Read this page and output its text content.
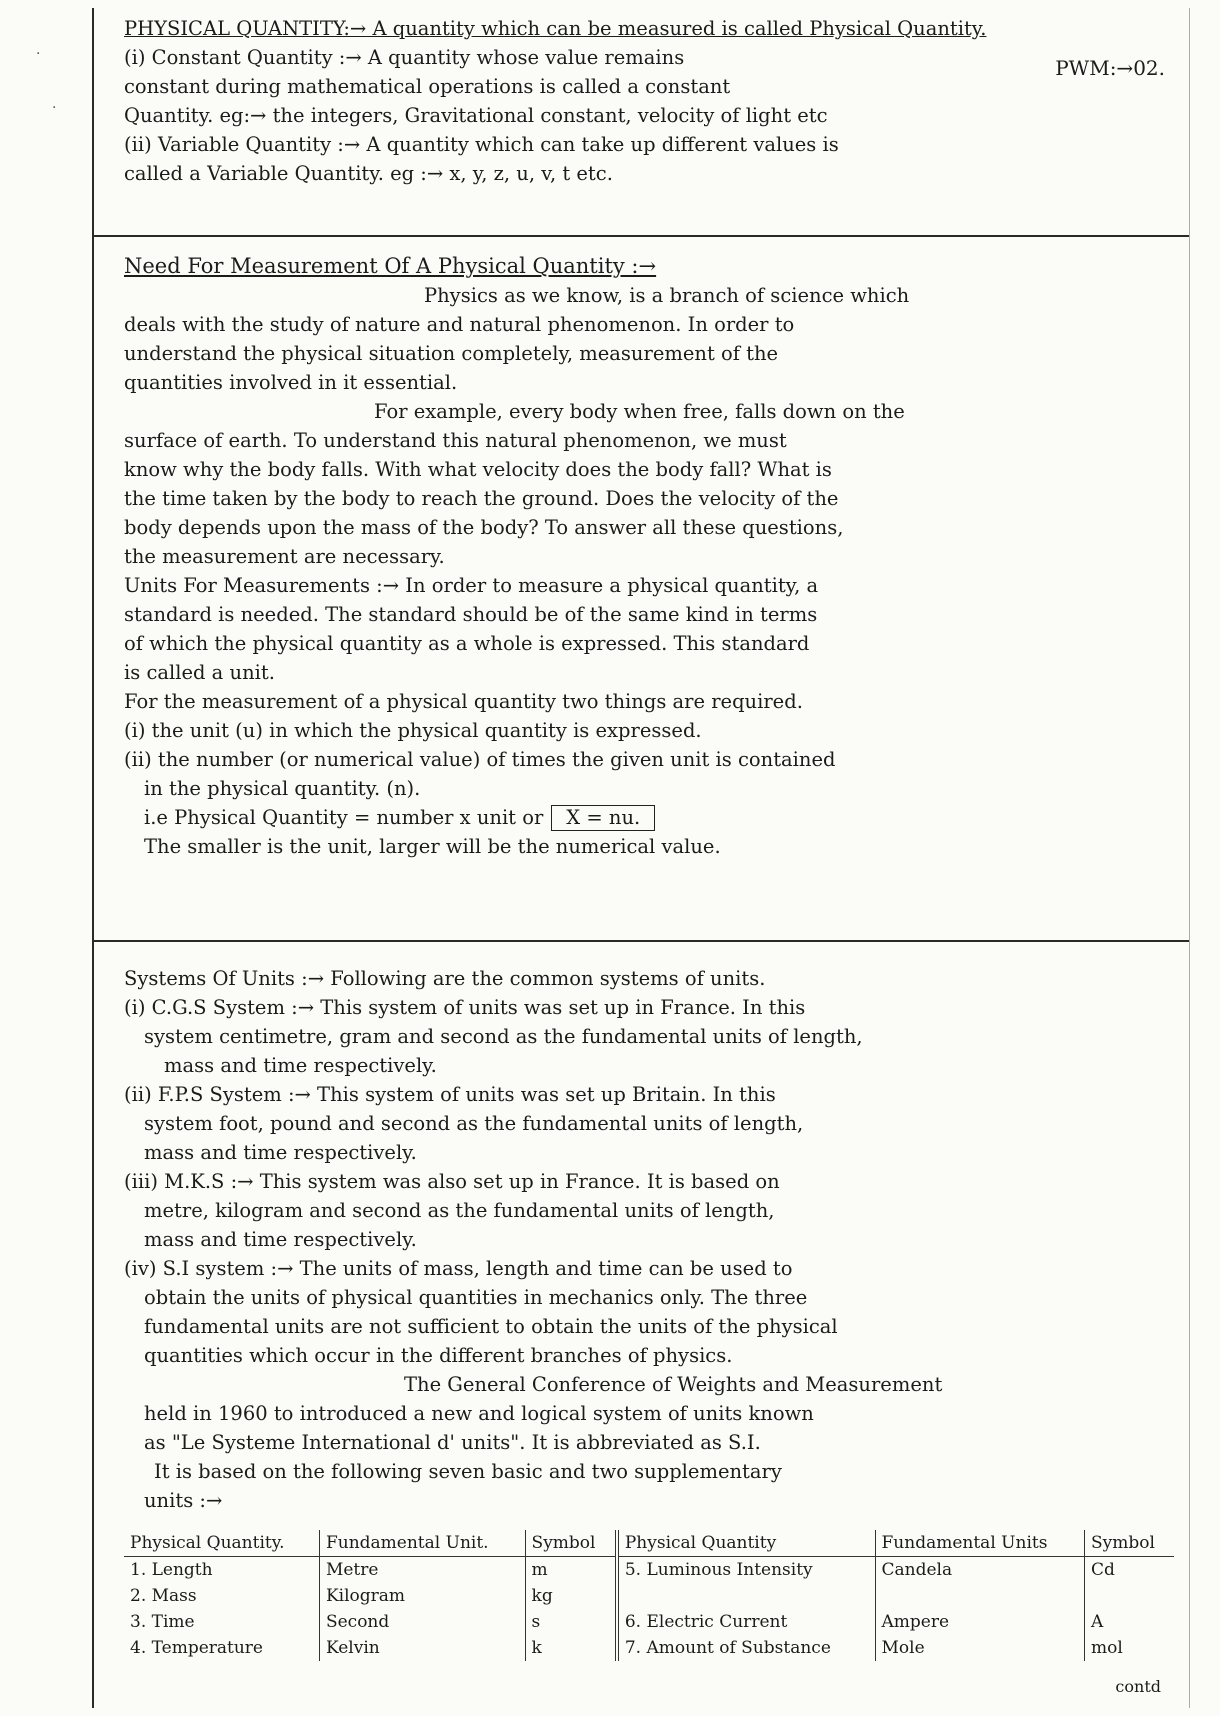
·
·
PHYSICAL QUANTITY:→ A quantity which can be measured is called Physical Quantity.
(i) Constant Quantity :→ A quantity whose value remains
constant during mathematical operations is called a constant
Quantity. eg:→ the integers, Gravitational constant, velocity of light etc
(ii) Variable Quantity :→ A quantity which can take up different values is
called a Variable Quantity. eg :→ x, y, z, u, v, t etc.
PWM:→02.
Need For Measurement Of A Physical Quantity :→
Physics as we know, is a branch of science which
deals with the study of nature and natural phenomenon. In order to
understand the physical situation completely, measurement of the
quantities involved in it essential.
For example, every body when free, falls down on the
surface of earth. To understand this natural phenomenon, we must
know why the body falls. With what velocity does the body fall? What is
the time taken by the body to reach the ground. Does the velocity of the
body depends upon the mass of the body? To answer all these questions,
the measurement are necessary.
Units For Measurements :→ In order to measure a physical quantity, a
standard is needed. The standard should be of the same kind in terms
of which the physical quantity as a whole is expressed. This standard
is called a unit.
For the measurement of a physical quantity two things are required.
(i) the unit (u) in which the physical quantity is expressed.
(ii) the number (or numerical value) of times the given unit is contained
in the physical quantity. (n).
i.e Physical Quantity = number x unit or X = nu.
The smaller is the unit, larger will be the numerical value.
Systems Of Units :→ Following are the common systems of units.
(i) C.G.S System :→ This system of units was set up in France. In this
system centimetre, gram and second as the fundamental units of length,
mass and time respectively.
(ii) F.P.S System :→ This system of units was set up Britain. In this
system foot, pound and second as the fundamental units of length,
mass and time respectively.
(iii) M.K.S :→ This system was also set up in France. It is based on
metre, kilogram and second as the fundamental units of length,
mass and time respectively.
(iv) S.I system :→ The units of mass, length and time can be used to
obtain the units of physical quantities in mechanics only. The three
fundamental units are not sufficient to obtain the units of the physical
quantities which occur in the different branches of physics.
The General Conference of Weights and Measurement
held in 1960 to introduced a new and logical system of units known
as "Le Systeme International d' units". It is abbreviated as S.I.
It is based on the following seven basic and two supplementary
units :→
Physical Quantity.	Fundamental Unit.	Symbol	Physical Quantity	Fundamental Units	Symbol
1. Length	Metre	m	5. Luminous Intensity	Candela	Cd
2. Mass	Kilogram	kg			
3. Time	Second	s	6. Electric Current	Ampere	A
4. Temperature	Kelvin	k	7. Amount of Substance	Mole	mol
contd
